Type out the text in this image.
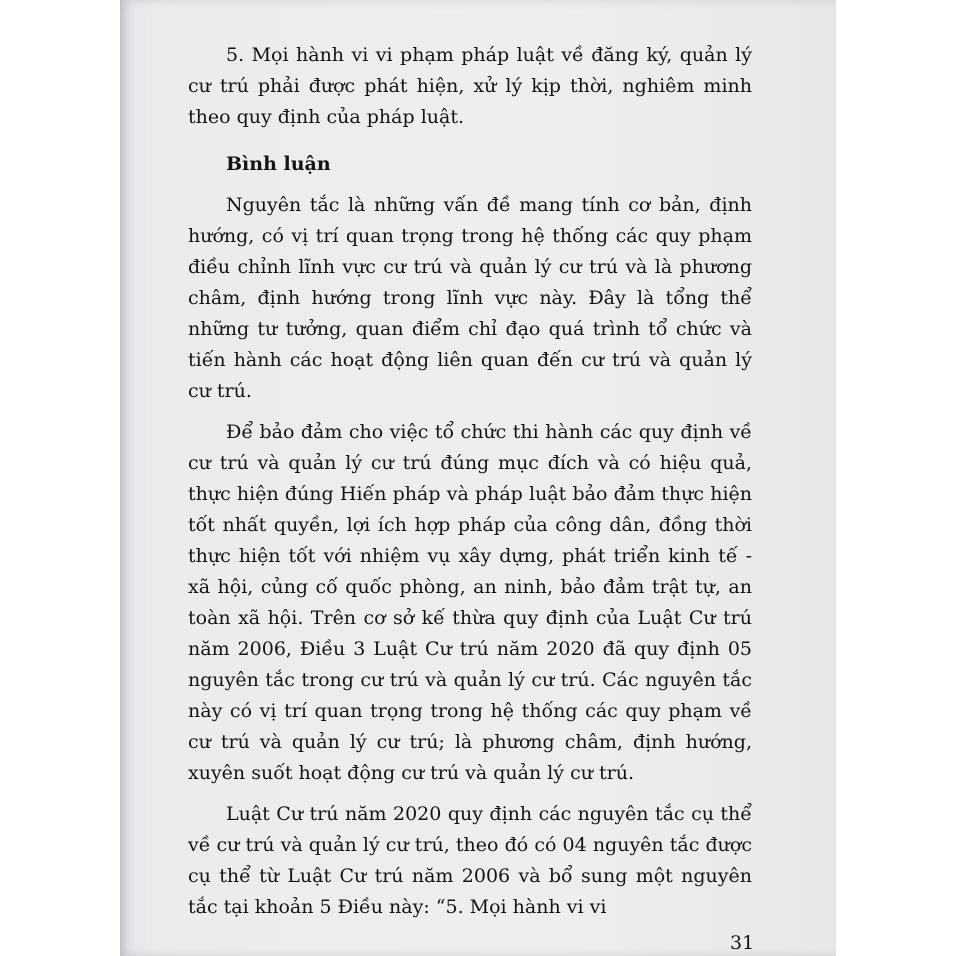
5. Mọi hành vi vi phạm pháp luật về đăng ký, quản lý cư trú phải được phát hiện, xử lý kịp thời, nghiêm minh theo quy định của pháp luật.

Bình luận

Nguyên tắc là những vấn đề mang tính cơ bản, định hướng, có vị trí quan trọng trong hệ thống các quy phạm điều chỉnh lĩnh vực cư trú và quản lý cư trú và là phương châm, định hướng trong lĩnh vực này. Đây là tổng thể những tư tưởng, quan điểm chỉ đạo quá trình tổ chức và tiến hành các hoạt động liên quan đến cư trú và quản lý cư trú.

Để bảo đảm cho việc tổ chức thi hành các quy định về cư trú và quản lý cư trú đúng mục đích và có hiệu quả, thực hiện đúng Hiến pháp và pháp luật bảo đảm thực hiện tốt nhất quyền, lợi ích hợp pháp của công dân, đồng thời thực hiện tốt với nhiệm vụ xây dựng, phát triển kinh tế - xã hội, củng cố quốc phòng, an ninh, bảo đảm trật tự, an toàn xã hội. Trên cơ sở kế thừa quy định của Luật Cư trú năm 2006, Điều 3 Luật Cư trú năm 2020 đã quy định 05 nguyên tắc trong cư trú và quản lý cư trú. Các nguyên tắc này có vị trí quan trọng trong hệ thống các quy phạm về cư trú và quản lý cư trú; là phương châm, định hướng, xuyên suốt hoạt động cư trú và quản lý cư trú.

Luật Cư trú năm 2020 quy định các nguyên tắc cụ thể về cư trú và quản lý cư trú, theo đó có 04 nguyên tắc được cụ thể từ Luật Cư trú năm 2006 và bổ sung một nguyên tắc tại khoản 5 Điều này: “5. Mọi hành vi vi

31
